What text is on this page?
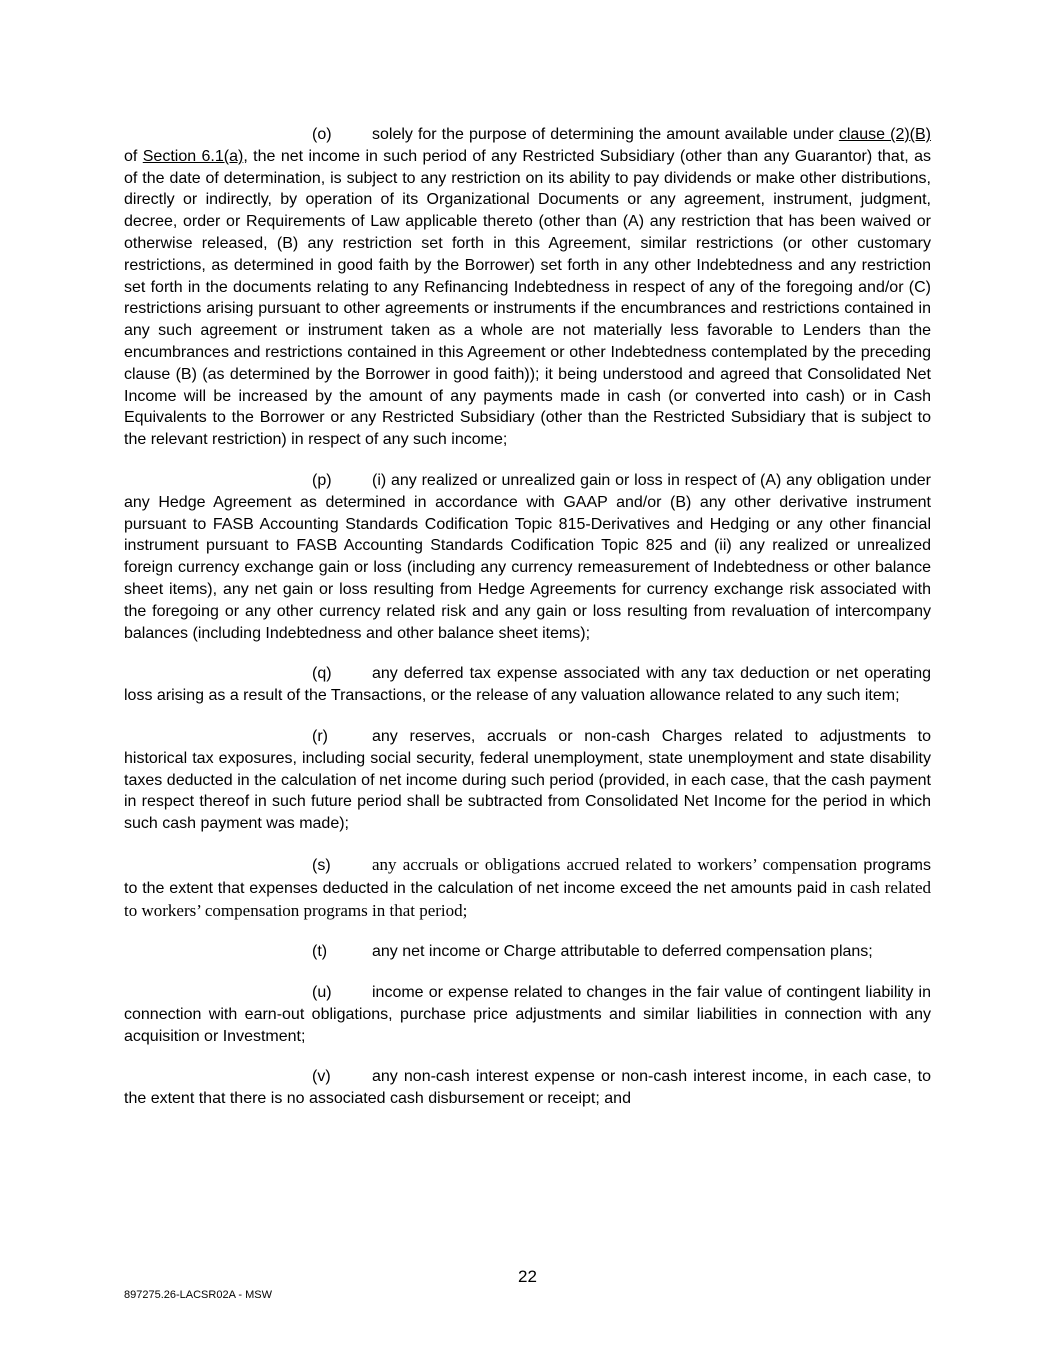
(o)	solely for the purpose of determining the amount available under clause (2)(B) of Section 6.1(a), the net income in such period of any Restricted Subsidiary (other than any Guarantor) that, as of the date of determination, is subject to any restriction on its ability to pay dividends or make other distributions, directly or indirectly, by operation of its Organizational Documents or any agreement, instrument, judgment, decree, order or Requirements of Law applicable thereto (other than (A) any restriction that has been waived or otherwise released, (B) any restriction set forth in this Agreement, similar restrictions (or other customary restrictions, as determined in good faith by the Borrower) set forth in any other Indebtedness and any restriction set forth in the documents relating to any Refinancing Indebtedness in respect of any of the foregoing and/or (C) restrictions arising pursuant to other agreements or instruments if the encumbrances and restrictions contained in any such agreement or instrument taken as a whole are not materially less favorable to Lenders than the encumbrances and restrictions contained in this Agreement or other Indebtedness contemplated by the preceding clause (B) (as determined by the Borrower in good faith)); it being understood and agreed that Consolidated Net Income will be increased by the amount of any payments made in cash (or converted into cash) or in Cash Equivalents to the Borrower or any Restricted Subsidiary (other than the Restricted Subsidiary that is subject to the relevant restriction) in respect of any such income;

(p)	(i) any realized or unrealized gain or loss in respect of (A) any obligation under any Hedge Agreement as determined in accordance with GAAP and/or (B) any other derivative instrument pursuant to FASB Accounting Standards Codification Topic 815-Derivatives and Hedging or any other financial instrument pursuant to FASB Accounting Standards Codification Topic 825 and (ii) any realized or unrealized foreign currency exchange gain or loss (including any currency remeasurement of Indebtedness or other balance sheet items), any net gain or loss resulting from Hedge Agreements for currency exchange risk associated with the foregoing or any other currency related risk and any gain or loss resulting from revaluation of intercompany balances (including Indebtedness and other balance sheet items);

(q)	any deferred tax expense associated with any tax deduction or net operating loss arising as a result of the Transactions, or the release of any valuation allowance related to any such item;

(r)	any reserves, accruals or non-cash Charges related to adjustments to historical tax exposures, including social security, federal unemployment, state unemployment and state disability taxes deducted in the calculation of net income during such period (provided, in each case, that the cash payment in respect thereof in such future period shall be subtracted from Consolidated Net Income for the period in which such cash payment was made);

(s) any accruals or obligations accrued related to workers’ compensation programs to the extent that expenses deducted in the calculation of net income exceed the net amounts paid in cash related to workers’ compensation programs in that period;

(t)	any net income or Charge attributable to deferred compensation plans;

(u)	income or expense related to changes in the fair value of contingent liability in connection with earn-out obligations, purchase price adjustments and similar liabilities in connection with any acquisition or Investment;

(v)	any non-cash interest expense or non-cash interest income, in each case, to the extent that there is no associated cash disbursement or receipt; and

22
897275.26-LACSR02A - MSW
